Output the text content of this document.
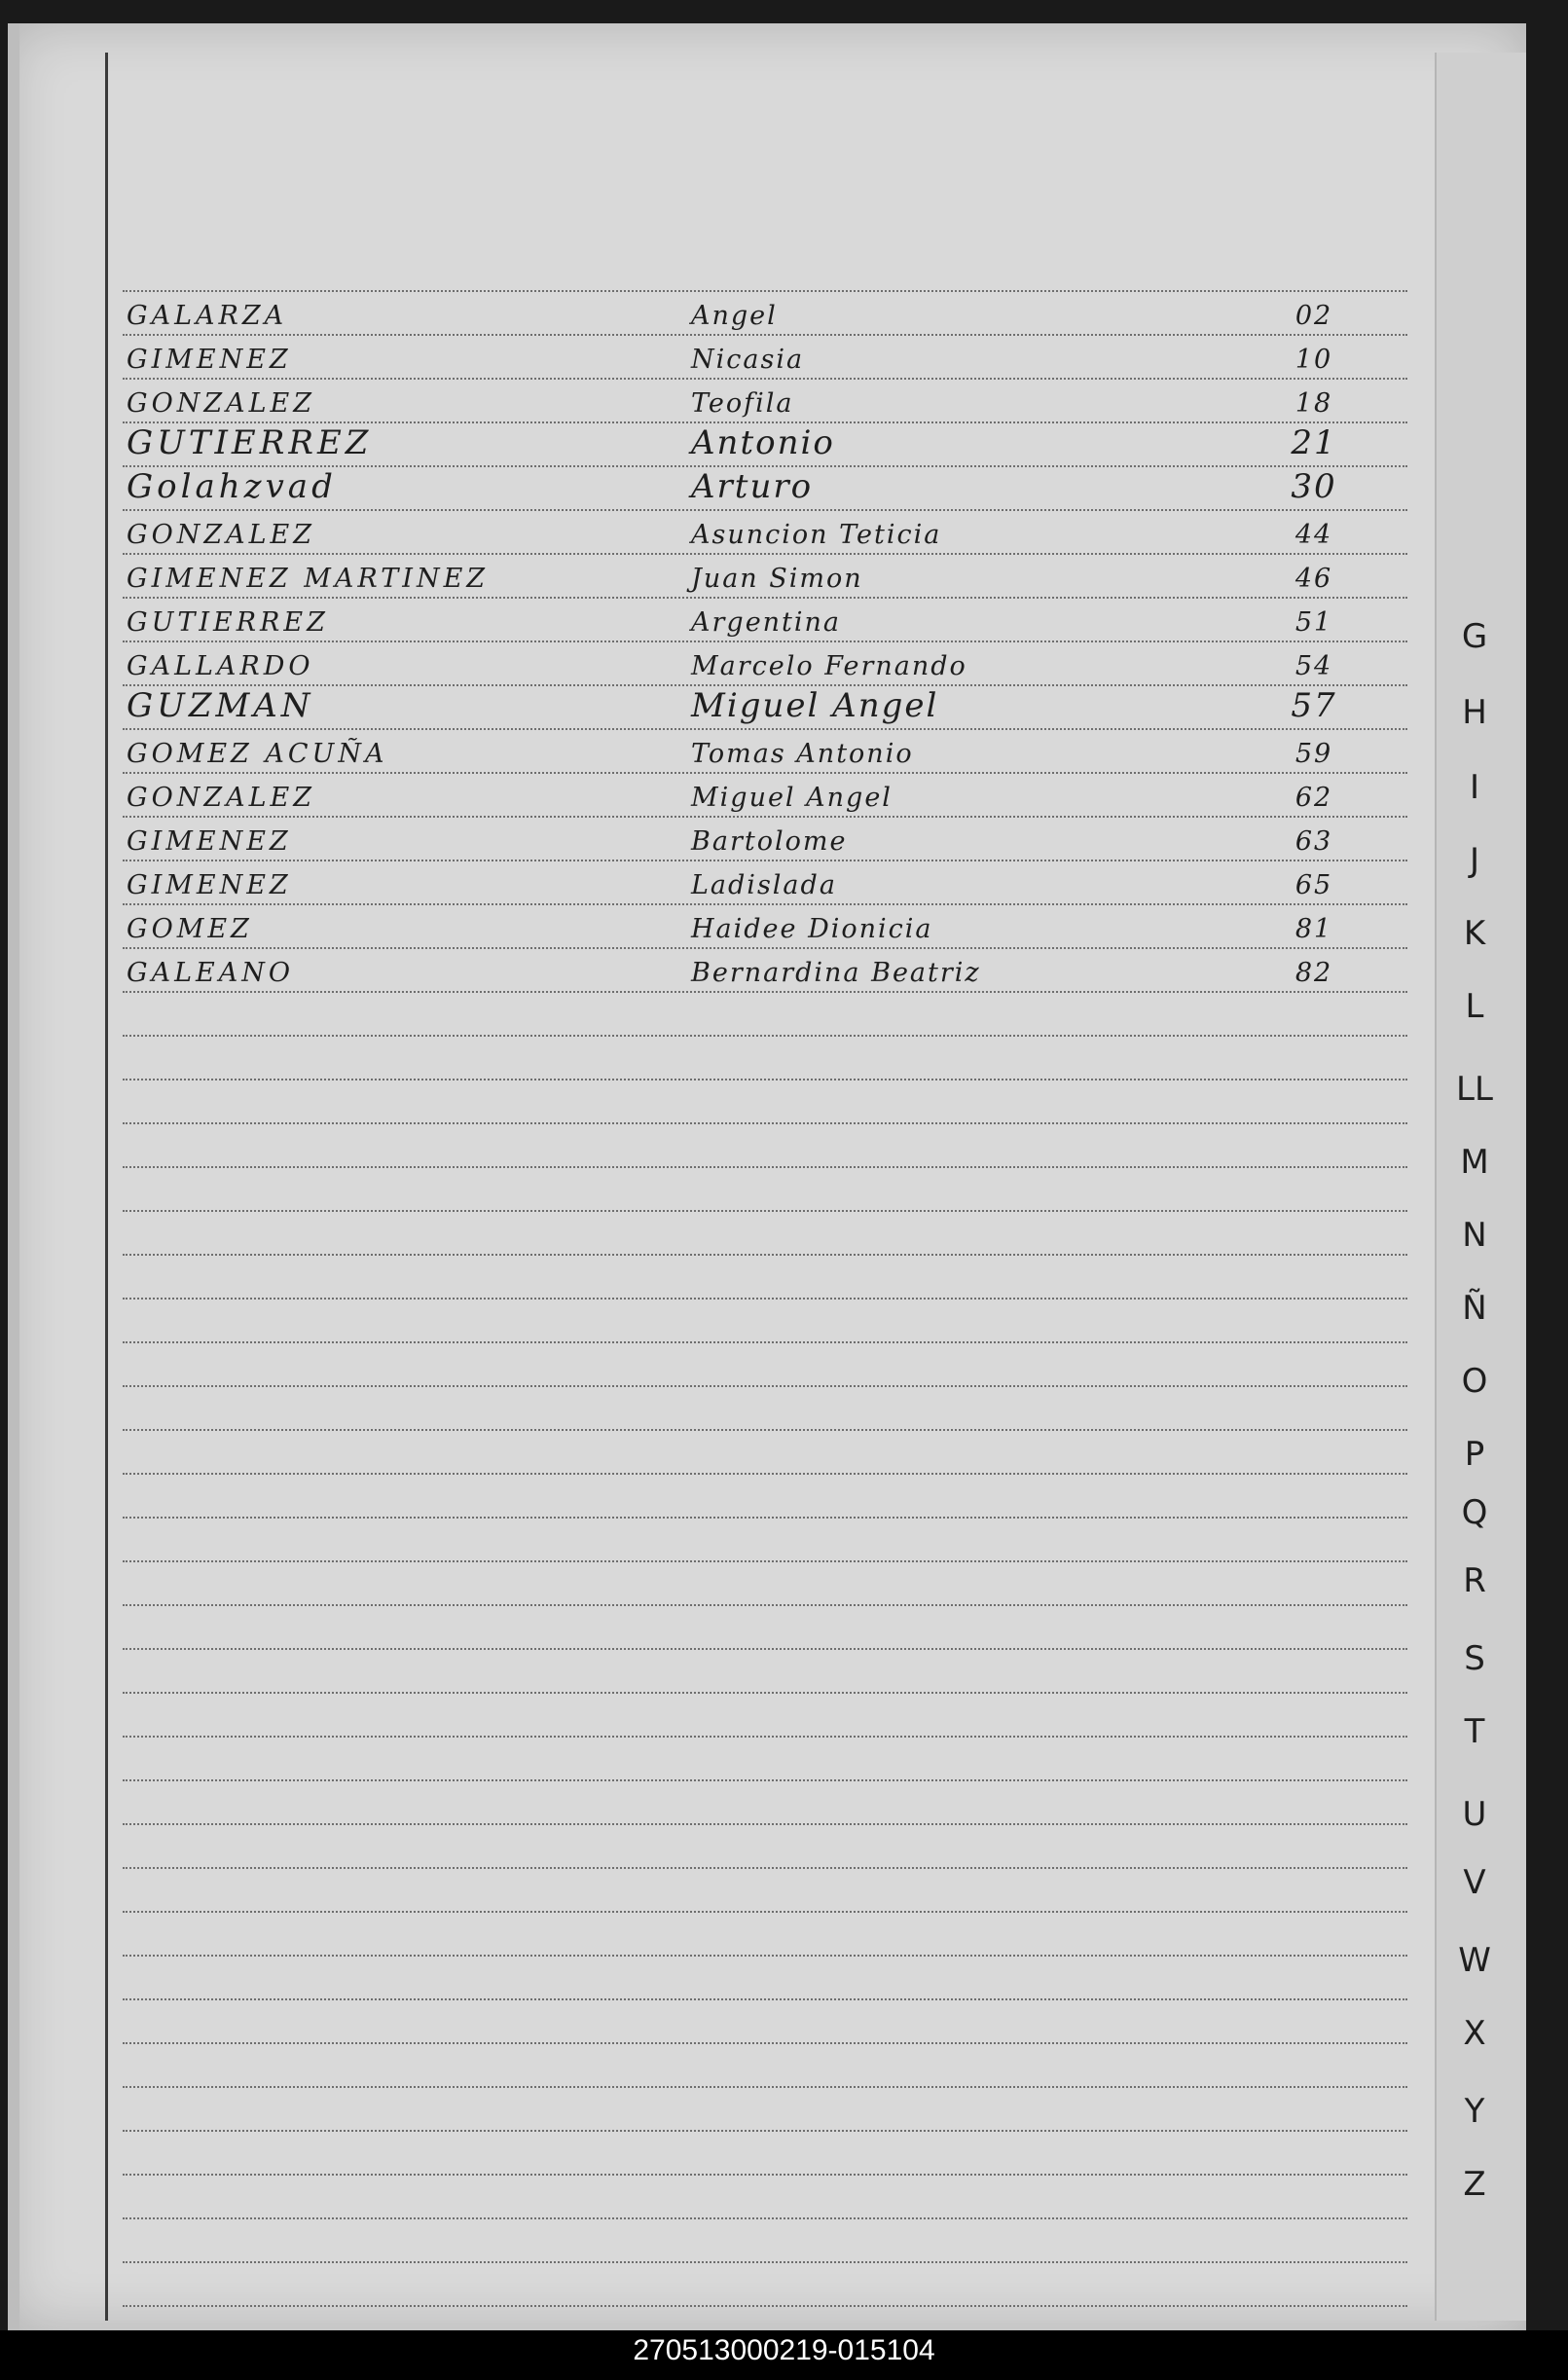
GALARZA	Angel	02
GIMENEZ	Nicasia	10
GONZALEZ	Teofila	18
GUTIERREZ	Antonio	21
Golahzvad	Arturo	30
GONZALEZ	Asuncion Teticia	44
GIMENEZ MARTINEZ	Juan Simon	46
GUTIERREZ	Argentina	51
GALLARDO	Marcelo Fernando	54
GUZMAN	Miguel Angel	57
GOMEZ ACUÑA	Tomas Antonio	59
GONZALEZ	Miguel Angel	62
GIMENEZ	Bartolome	63
GIMENEZ	Ladislada	65
GOMEZ	Haidee Dionicia	81
GALEANO	Bernardina Beatriz	82
G
H
I
J
K
L
LL
M
N
Ñ
O
P
Q
R
S
T
U
V
W
X
Y
Z
270513000219-015104
